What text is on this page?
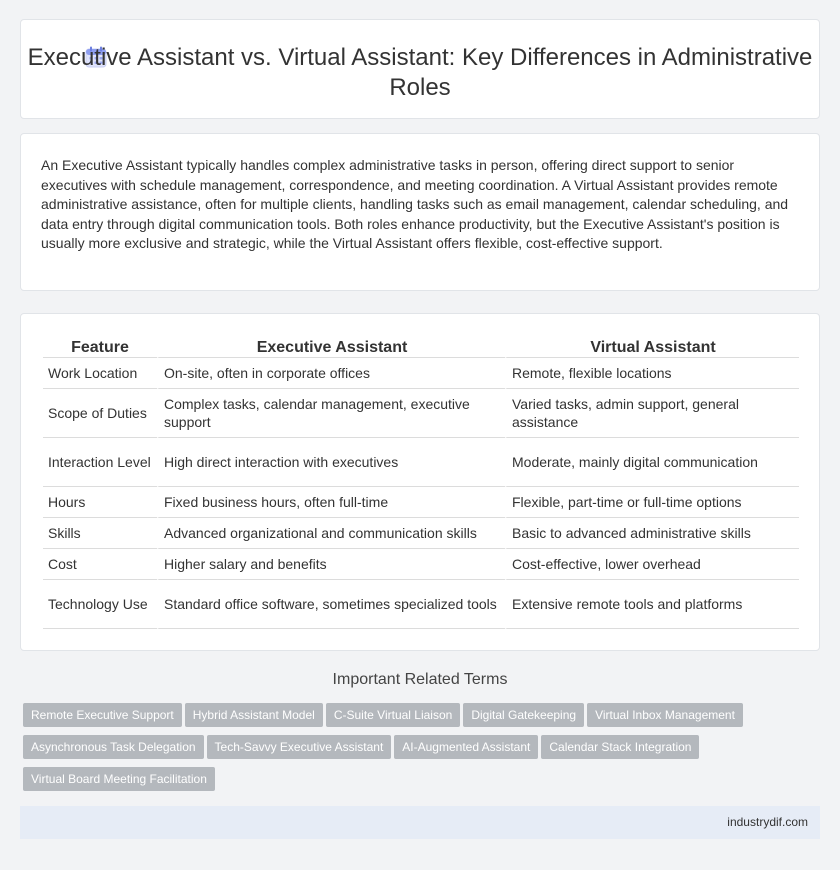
Executive Assistant vs. Virtual Assistant: Key Differences in Administrative Roles

An Executive Assistant typically handles complex administrative tasks in person, offering direct support to senior executives with schedule management, correspondence, and meeting coordination. A Virtual Assistant provides remote administrative assistance, often for multiple clients, handling tasks such as email management, calendar scheduling, and data entry through digital communication tools. Both roles enhance productivity, but the Executive Assistant's position is usually more exclusive and strategic, while the Virtual Assistant offers flexible, cost-effective support.

Feature	Executive Assistant	Virtual Assistant
Work Location	On-site, often in corporate offices	Remote, flexible locations
Scope of Duties	Complex tasks, calendar management, executive support	Varied tasks, admin support, general assistance
Interaction Level	High direct interaction with executives	Moderate, mainly digital communication
Hours	Fixed business hours, often full-time	Flexible, part-time or full-time options
Skills	Advanced organizational and communication skills	Basic to advanced administrative skills
Cost	Higher salary and benefits	Cost-effective, lower overhead
Technology Use	Standard office software, sometimes specialized tools	Extensive remote tools and platforms
Important Related Terms
Remote Executive Support Hybrid Assistant Model C-Suite Virtual Liaison Digital Gatekeeping Virtual Inbox Management
Asynchronous Task Delegation Tech-Savvy Executive Assistant AI-Augmented Assistant Calendar Stack Integration
Virtual Board Meeting Facilitation
industrydif.com
